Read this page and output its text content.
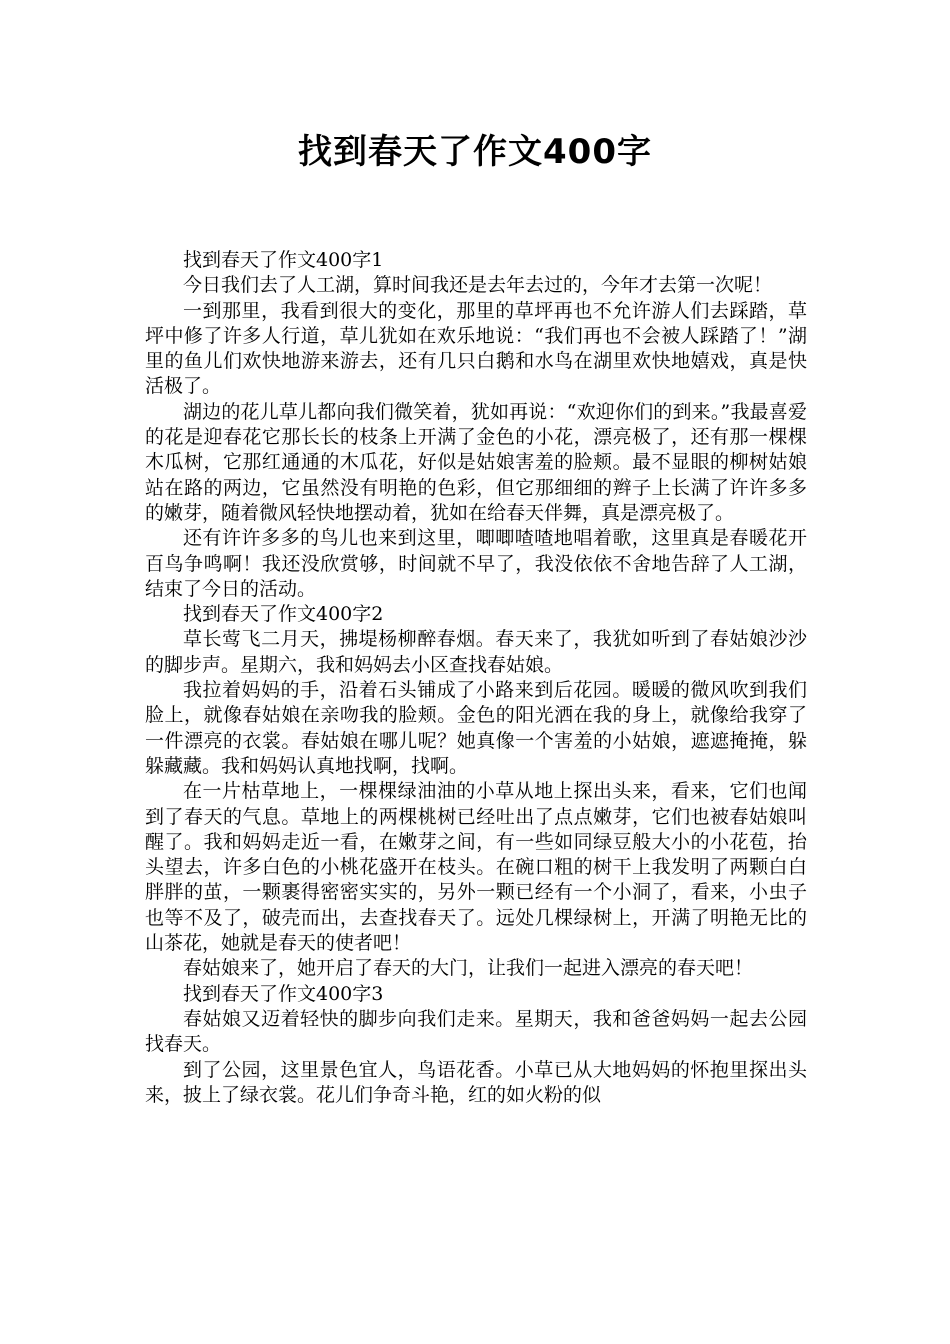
找到春天了作文400字

找到春天了作文400字1

今日我们去了人工湖，算时间我还是去年去过的，今年才去第一次呢！

一到那里，我看到很大的变化，那里的草坪再也不允许游人们去踩踏，草坪中修了许多人行道，草儿犹如在欢乐地说：“我们再也不会被人踩踏了！”湖里的鱼儿们欢快地游来游去，还有几只白鹅和水鸟在湖里欢快地嬉戏，真是快活极了。

湖边的花儿草儿都向我们微笑着，犹如再说：“欢迎你们的到来。”我最喜爱的花是迎春花它那长长的枝条上开满了金色的小花，漂亮极了，还有那一棵棵木瓜树，它那红通通的木瓜花，好似是姑娘害羞的脸颊。最不显眼的柳树姑娘站在路的两边，它虽然没有明艳的色彩，但它那细细的辫子上长满了许许多多的嫩芽，随着微风轻快地摆动着，犹如在给春天伴舞，真是漂亮极了。

还有许许多多的鸟儿也来到这里，唧唧喳喳地唱着歌，这里真是春暖花开百鸟争鸣啊！我还没欣赏够，时间就不早了，我没依依不舍地告辞了人工湖，结束了今日的活动。

找到春天了作文400字2

草长莺飞二月天，拂堤杨柳醉春烟。春天来了，我犹如听到了春姑娘沙沙的脚步声。星期六，我和妈妈去小区查找春姑娘。

我拉着妈妈的手，沿着石头铺成了小路来到后花园。暖暖的微风吹到我们脸上，就像春姑娘在亲吻我的脸颊。金色的阳光洒在我的身上，就像给我穿了一件漂亮的衣裳。春姑娘在哪儿呢？她真像一个害羞的小姑娘，遮遮掩掩，躲躲藏藏。我和妈妈认真地找啊，找啊。

在一片枯草地上，一棵棵绿油油的小草从地上探出头来，看来，它们也闻到了春天的气息。草地上的两棵桃树已经吐出了点点嫩芽，它们也被春姑娘叫醒了。我和妈妈走近一看，在嫩芽之间，有一些如同绿豆般大小的小花苞，抬头望去，许多白色的小桃花盛开在枝头。在碗口粗的树干上我发明了两颗白白胖胖的茧，一颗裹得密密实实的，另外一颗已经有一个小洞了，看来，小虫子也等不及了，破壳而出，去查找春天了。远处几棵绿树上，开满了明艳无比的山茶花，她就是春天的使者吧！

春姑娘来了，她开启了春天的大门，让我们一起进入漂亮的春天吧！

找到春天了作文400字3

春姑娘又迈着轻快的脚步向我们走来。星期天，我和爸爸妈妈一起去公园找春天。

到了公园，这里景色宜人，鸟语花香。小草已从大地妈妈的怀抱里探出头来，披上了绿衣裳。花儿们争奇斗艳，红的如火粉的似
